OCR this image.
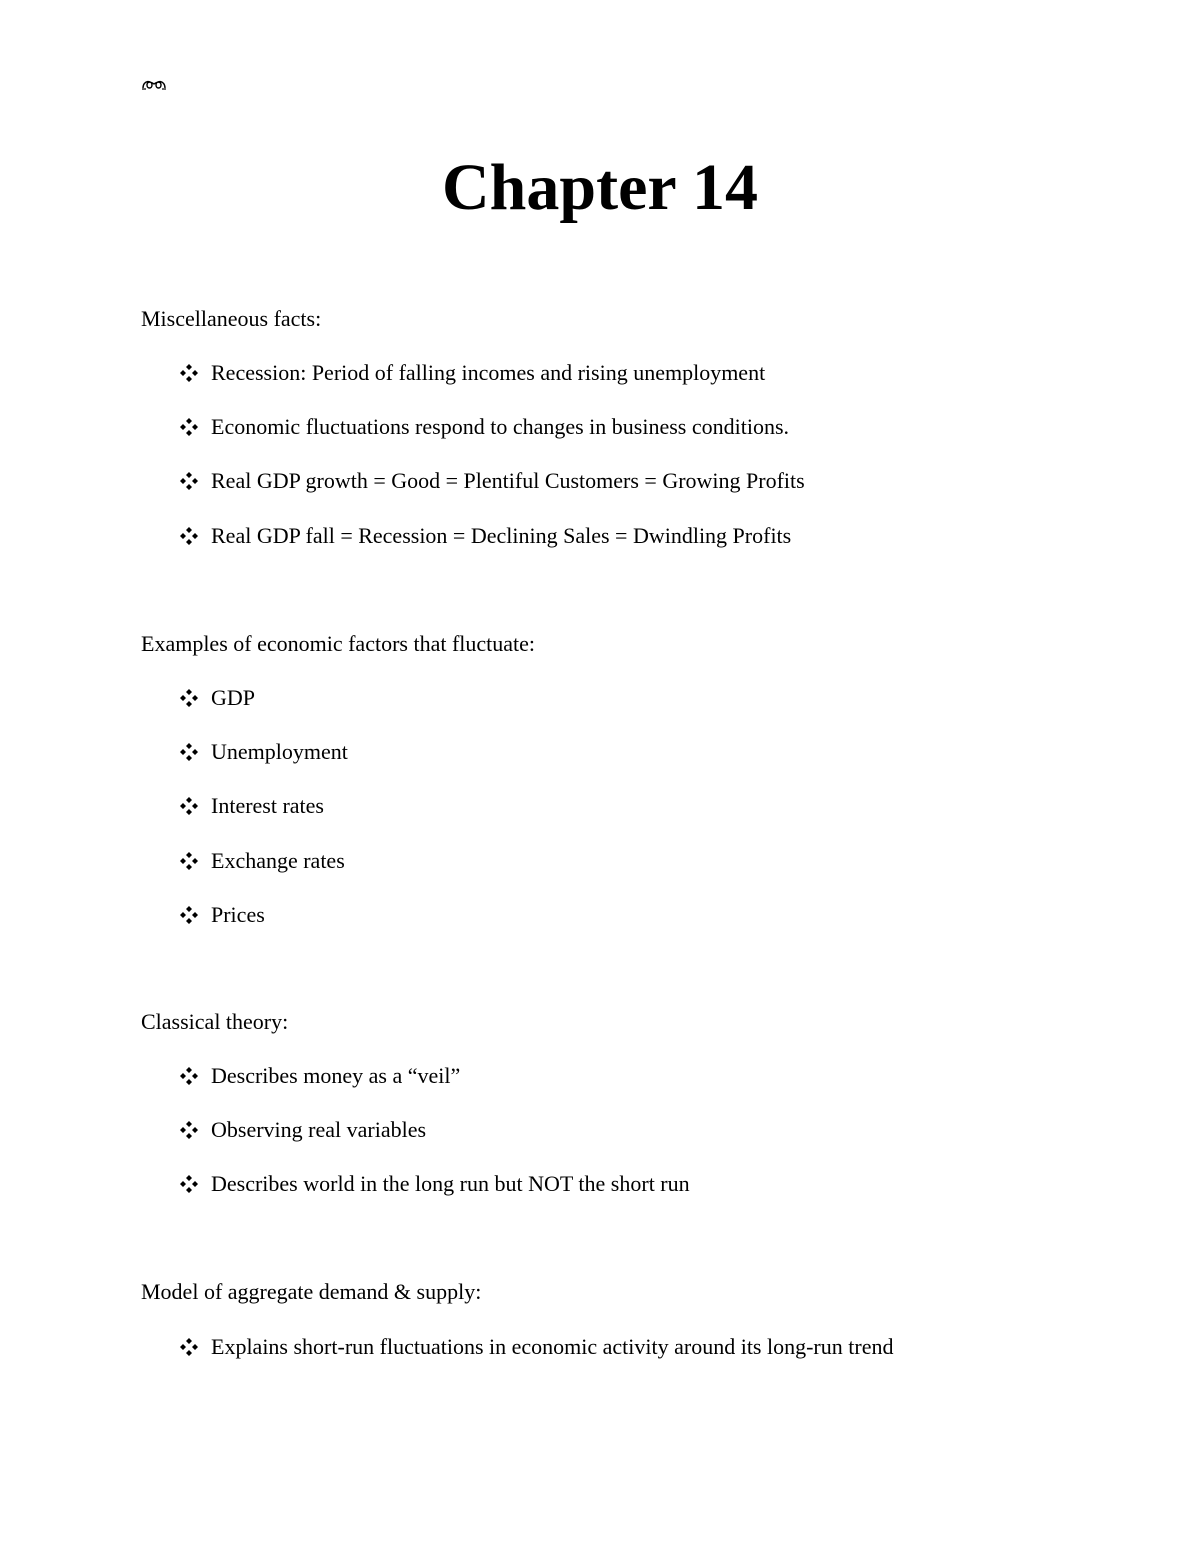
Chapter 14

Miscellaneous facts:

Recession: Period of falling incomes and rising unemployment
Economic fluctuations respond to changes in business conditions.
Real GDP growth = Good = Plentiful Customers = Growing Profits
Real GDP fall = Recession = Declining Sales = Dwindling Profits

Examples of economic factors that fluctuate:

GDP
Unemployment
Interest rates
Exchange rates
Prices

Classical theory:

Describes money as a “veil”
Observing real variables
Describes world in the long run but NOT the short run

Model of aggregate demand & supply:

Explains short-run fluctuations in economic activity around its long-run trend
